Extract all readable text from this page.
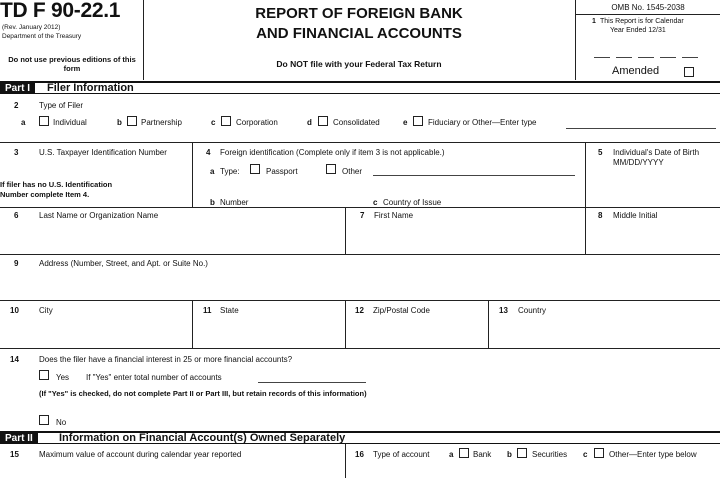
TD F 90-22.1
(Rev. January 2012)
Department of the Treasury
Do not use previous editions of this form
REPORT OF FOREIGN BANK
AND FINANCIAL ACCOUNTS
Do NOT file with your Federal Tax Return
OMB No. 1545-2038
1 This Report is for Calendar
Year Ended 12/31
Amended
Part I	Filer Information
2	Type of Filer
a	Individual	b Partnership	c	Corporation	d	Consolidated	e	Fiduciary or Other—Enter type
3	U.S. Taxpayer Identification Number
If filer has no U.S. Identification
Number complete Item 4.
4 Foreign identification (Complete only if item 3 is not applicable.)
a Type:	Passport	Other
b Number	c Country of Issue
5 Individual's Date of Birth
MM/DD/YYYY
6	Last Name or Organization Name	7 First Name	8 Middle Initial
9	Address (Number, Street, and Apt. or Suite No.)
10	City	11 State	12 Zip/Postal Code	13 Country
14	Does the filer have a financial interest in 25 or more financial accounts?
Yes If "Yes" enter total number of accounts
(If "Yes" is checked, do not complete Part II or Part III, but retain records of this information)
No
Part II	Information on Financial Account(s) Owned Separately
15	Maximum value of account during calendar year reported	16 Type of account a Bank b	Securities c	Other—Enter type below
